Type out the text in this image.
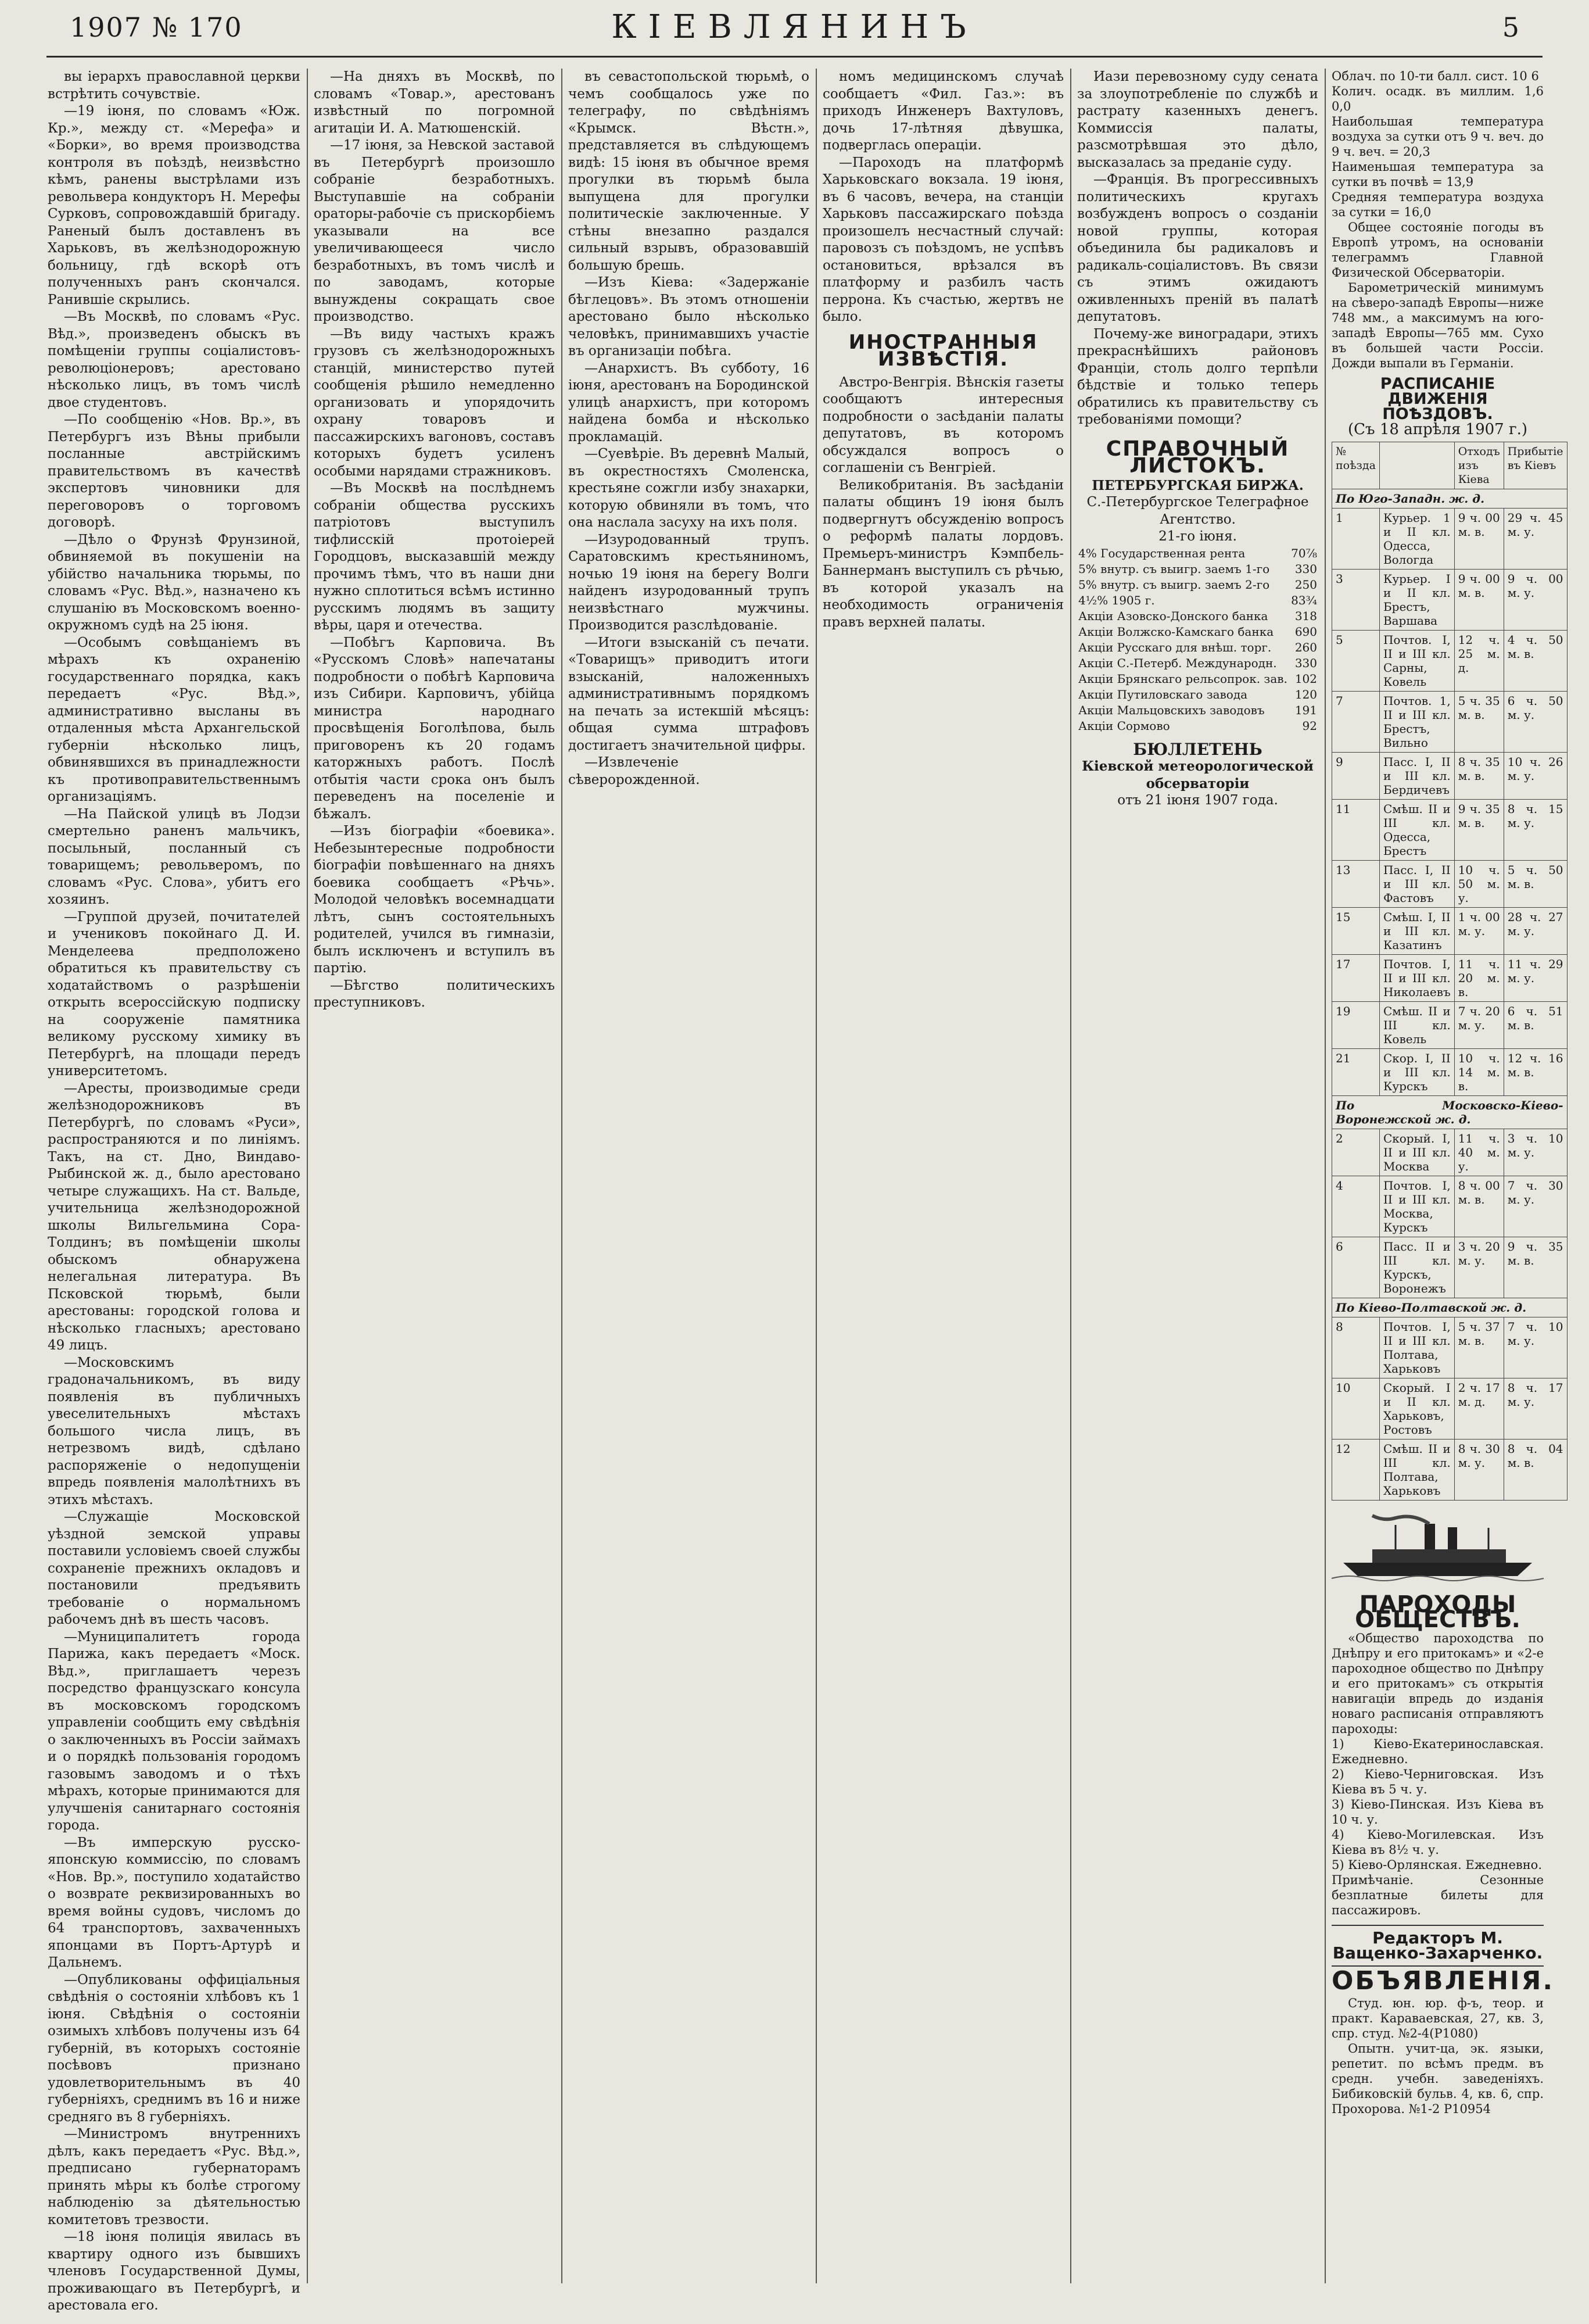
1907 № 170	КІЕВЛЯНИНЪ	5

вы іерархъ православной церкви встрѣтить сочувствіе.

—19 іюня, по словамъ «Юж. Кр.», между ст. «Мерефа» и «Борки», во время производства контроля въ поѣздѣ, неизвѣстно кѣмъ, ранены выстрѣлами изъ револьвера кондукторъ Н. Мерефы Сурковъ, сопровождавшій бригаду. Раненый былъ доставленъ въ Харьковъ, въ желѣзнодорожную больницу, гдѣ вскорѣ отъ полученныхъ ранъ скончался. Ранившіе скрылись.

—Въ Москвѣ, по словамъ «Рус. Вѣд.», произведенъ обыскъ въ помѣщеніи группы соціалистовъ-революціонеровъ; арестовано нѣсколько лицъ, въ томъ числѣ двое студентовъ.

—По сообщенію «Нов. Вр.», въ Петербургъ изъ Вѣны прибыли посланные австрійскимъ правительствомъ въ качествѣ экспертовъ чиновники для переговоровъ о торговомъ договорѣ.

—Дѣло о Фрунзѣ Фрунзиной, обвиняемой въ покушеніи на убійство начальника тюрьмы, по словамъ «Рус. Вѣд.», назначено къ слушанію въ Московскомъ военно-окружномъ судѣ на 25 іюня.

—Особымъ совѣщаніемъ въ мѣрахъ къ охраненію государственнаго порядка, какъ передаетъ «Рус. Вѣд.», административно высланы въ отдаленныя мѣста Архангельской губерніи нѣсколько лицъ, обвинявшихся въ принадлежности къ противоправительственнымъ организаціямъ.

—На Пайской улицѣ въ Лодзи смертельно раненъ мальчикъ, посыльный, посланный съ товарищемъ; револьверомъ, по словамъ «Рус. Слова», убитъ его хозяинъ.

—Группой друзей, почитателей и учениковъ покойнаго Д. И. Менделеева предположено обратиться къ правительству съ ходатайствомъ о разрѣшеніи открыть всероссійскую подписку на сооруженіе памятника великому русскому химику въ Петербургѣ, на площади передъ университетомъ.

—Аресты, производимые среди желѣзнодорожниковъ въ Петербургѣ, по словамъ «Руси», распространяются и по линіямъ. Такъ, на ст. Дно, Виндаво-Рыбинской ж. д., было арестовано четыре служащихъ. На ст. Вальде, учительница желѣзнодорожной школы Вильгельмина Сора-Толдинъ; въ помѣщеніи школы обыскомъ обнаружена нелегальная литература. Въ Псковской тюрьмѣ, были арестованы: городской голова и нѣсколько гласныхъ; арестовано 49 лицъ.

—Московскимъ градоначальникомъ, въ виду появленія въ публичныхъ увеселительныхъ мѣстахъ большого числа лицъ, въ нетрезвомъ видѣ, сдѣлано распоряженіе о недопущеніи впредь появленія малолѣтнихъ въ этихъ мѣстахъ.

—Служащіе Московской уѣздной земской управы поставили условіемъ своей службы сохраненіе прежнихъ окладовъ и постановили предъявить требованіе о нормальномъ рабочемъ днѣ въ шесть часовъ.

—Муниципалитетъ города Парижа, какъ передаетъ «Моск. Вѣд.», приглашаетъ черезъ посредство французскаго консула въ московскомъ городскомъ управленіи сообщить ему свѣдѣнія о заключенныхъ въ Россіи займахъ и о порядкѣ пользованія городомъ газовымъ заводомъ и о тѣхъ мѣрахъ, которые принимаются для улучшенія санитарнаго состоянія города.

—Въ имперскую русско-японскую коммиссію, по словамъ «Нов. Вр.», поступило ходатайство о возврате реквизированныхъ во время войны судовъ, числомъ до 64 транспортовъ, захваченныхъ японцами въ Портъ-Артурѣ и Дальнемъ.

—Опубликованы оффиціальныя свѣдѣнія о состояніи хлѣбовъ къ 1 іюня. Свѣдѣнія о состояніи озимыхъ хлѣбовъ получены изъ 64 губерній, въ которыхъ состояніе посѣвовъ признано удовлетворительнымъ въ 40 губерніяхъ, среднимъ въ 16 и ниже средняго въ 8 губерніяхъ.

—Министромъ внутреннихъ дѣлъ, какъ передаетъ «Рус. Вѣд.», предписано губернаторамъ принять мѣры къ болѣе строгому наблюденію за дѣятельностью комитетовъ трезвости.

—18 іюня полиція явилась въ квартиру одного изъ бывшихъ членовъ Государственной Думы, проживающаго въ Петербургѣ, и арестовала его.

—На дняхъ въ Москвѣ, по словамъ «Товар.», арестованъ извѣстный по погромной агитаціи И. А. Матюшенскій.

—17 іюня, за Невской заставой въ Петербургѣ произошло собраніе безработныхъ. Выступавшіе на собраніи ораторы-рабочіе съ прискорбіемъ указывали на все увеличивающееся число безработныхъ, въ томъ числѣ и по заводамъ, которые вынуждены сокращать свое производство.

—Въ виду частыхъ кражъ грузовъ съ желѣзнодорожныхъ станцій, министерство путей сообщенія рѣшило немедленно организовать и упорядочить охрану товаровъ и пассажирскихъ вагоновъ, составъ которыхъ будетъ усиленъ особыми нарядами стражниковъ.

—Въ Москвѣ на послѣднемъ собраніи общества русскихъ патріотовъ выступилъ тифлисскій протоіерей Городцовъ, высказавшій между прочимъ тѣмъ, что въ наши дни нужно сплотиться всѣмъ истинно русскимъ людямъ въ защиту вѣры, царя и отечества.

—Побѣгъ Карповича. Въ «Русскомъ Словѣ» напечатаны подробности о побѣгѣ Карповича изъ Сибири. Карповичъ, убійца министра народнаго просвѣщенія Боголѣпова, быль приговоренъ къ 20 годамъ каторжныхъ работъ. Послѣ отбытія части срока онъ былъ переведенъ на поселеніе и бѣжалъ.

—Изъ біографіи «боевика». Небезынтересные подробности біографіи повѣшеннаго на дняхъ боевика сообщаетъ «Рѣчь». Молодой человѣкъ восемнадцати лѣтъ, сынъ состоятельныхъ родителей, учился въ гимназіи, былъ исключенъ и вступилъ въ партію.

—Бѣгство политическихъ преступниковъ.

въ севастопольской тюрьмѣ, о чемъ сообщалось уже по телеграфу, по свѣдѣніямъ «Крымск. Вѣстн.», представляется въ слѣдующемъ видѣ: 15 іюня въ обычное время прогулки въ тюрьмѣ была выпущена для прогулки политическіе заключенные. У стѣны внезапно раздался сильный взрывъ, образовавшій большую брешь.

—Изъ Кіева: «Задержаніе бѣглецовъ». Въ этомъ отношеніи арестовано было нѣсколько человѣкъ, принимавшихъ участіе въ организаціи побѣга.

—Анархистъ. Въ субботу, 16 іюня, арестованъ на Бородинской улицѣ анархистъ, при которомъ найдена бомба и нѣсколько прокламацій.

—Суевѣріе. Въ деревнѣ Малый, въ окрестностяхъ Смоленска, крестьяне сожгли избу знахарки, которую обвиняли въ томъ, что она наслала засуху на ихъ поля.

—Изуродованный трупъ. Саратовскимъ крестьяниномъ, ночью 19 іюня на берегу Волги найденъ изуродованный трупъ неизвѣстнаго мужчины. Производится разслѣдованіе.

—Итоги взысканій съ печати. «Товарищъ» приводитъ итоги взысканій, наложенныхъ административнымъ порядкомъ на печать за истекшій мѣсяцъ: общая сумма штрафовъ достигаетъ значительной цифры.

—Извлеченіе сѣверорожденной.

номъ медицинскомъ случаѣ сообщаетъ «Фил. Газ.»: въ приходъ Инженеръ Вахтуловъ, дочь 17-лѣтняя дѣвушка, подверглась операціи.

—Пароходъ на платформѣ Харьковскаго вокзала. 19 іюня, въ 6 часовъ, вечера, на станціи Харьковъ пассажирскаго поѣзда произошелъ несчастный случай: паровозъ съ поѣздомъ, не успѣвъ остановиться, врѣзался въ платформу и разбилъ часть перрона. Къ счастью, жертвъ не было.

ИНОСТРАННЫЯ ИЗВѢСТІЯ.

Австро-Венгрія. Вѣнскія газеты сообщаютъ интересныя подробности о засѣданіи палаты депутатовъ, въ которомъ обсуждался вопросъ о соглашеніи съ Венгріей.

Великобританія. Въ засѣданіи палаты общинъ 19 іюня былъ подвергнутъ обсужденію вопросъ о реформѣ палаты лордовъ. Премьеръ-министръ Кэмпбель-Баннерманъ выступилъ съ рѣчью, въ которой указалъ на необходимость ограниченія правъ верхней палаты.

Иази перевозному суду сената за злоупотребленіе по службѣ и растрату казенныхъ денегъ. Коммиссія палаты, разсмотрѣвшая это дѣло, высказалась за преданіе суду.

—Франція. Въ прогрессивныхъ политическихъ кругахъ возбужденъ вопросъ о созданіи новой группы, которая объединила бы радикаловъ и радикаль-соціалистовъ. Въ связи съ этимъ ожидаютъ оживленныхъ преній въ палатѣ депутатовъ.

Почему-же виноградари, этихъ прекраснѣйшихъ районовъ Франціи, столь долго терпѣли бѣдствіе и только теперь обратились къ правительству съ требованіями помощи?

СПРАВОЧНЫЙ ЛИСТОКЪ.
ПЕТЕРБУРГСКАЯ БИРЖА.
С.-Петербургское Телеграфное Агентство.
21-го іюня.
4% Государственная рента	70⅞
5% внутр. съ выигр. заемъ 1-го	330
5% внутр. съ выигр. заемъ 2-го	250
4½% 1905 г.	83¾
Акціи Азовско-Донского банка	318
Акціи Волжско-Камскаго банка	690
Акціи Русскаго для внѣш. торг.	260
Акціи С.-Петерб. Международн.	330
Акціи Брянскаго рельсопрок. зав.	102
Акціи Путиловскаго завода	120
Акціи Мальцовскихъ заводовъ	191
Акціи Сормово	92
БЮЛЛЕТЕНЬ
Кіевской метеорологической обсерваторіи
отъ 21 іюня 1907 года.
Облач. по 10-ти балл. сист. 10 6
Колич. осадк. въ миллим. 1,6 0,0
Наибольшая температура воздуха за сутки отъ 9 ч. веч. до 9 ч. веч. = 20,3
Наименьшая температура за сутки въ почвѣ = 13,9
Средняя температура воздуха за сутки = 16,0

Общее состояніе погоды въ Европѣ утромъ, на основаніи телеграммъ Главной Физической Обсерваторіи.

Барометрическій минимумъ на сѣверо-западѣ Европы—ниже 748 мм., а максимумъ на юго-западѣ Европы—765 мм. Сухо въ большей части Россіи. Дожди выпали въ Германіи.

РАСПИСАНІЕ ДВИЖЕНІЯ ПОѢЗДОВЪ.
(Съ 18 апрѣля 1907 г.)
№ поѣзда		Отходъ изъ Кіева	Прибытіе въ Кіевъ
По Юго-Западн. ж. д.			
1	Курьер. 1 и II кл. Одесса, Вологда	9 ч. 00 м. в.	29 ч. 45 м. у.
3	Курьер. I и II кл. Брестъ, Варшава	9 ч. 00 м. в.	9 ч. 00 м. у.
5	Почтов. I, II и III кл. Сарны, Ковель	12 ч. 25 м. д.	4 ч. 50 м. в.
7	Почтов. 1, II и III кл. Брестъ, Вильно	5 ч. 35 м. в.	6 ч. 50 м. у.
9	Пасс. I, II и III кл. Бердичевъ	8 ч. 35 м. в.	10 ч. 26 м. у.
11	Смѣш. II и III кл. Одесса, Брестъ	9 ч. 35 м. в.	8 ч. 15 м. у.
13	Пасс. I, II и III кл. Фастовъ	10 ч. 50 м. у.	5 ч. 50 м. в.
15	Смѣш. I, II и III кл. Казатинъ	1 ч. 00 м. у.	28 ч. 27 м. у.
17	Почтов. I, II и III кл. Николаевъ	11 ч. 20 м. в.	11 ч. 29 м. у.
19	Смѣш. II и III кл. Ковель	7 ч. 20 м. у.	6 ч. 51 м. в.
21	Скор. I, II и III кл. Курскъ	10 ч. 14 м. в.	12 ч. 16 м. в.
По Московско-Кіево-Воронежской ж. д.			
2	Скорый. I, II и III кл. Москва	11 ч. 40 м. у.	3 ч. 10 м. у.
4	Почтов. I, II и III кл. Москва, Курскъ	8 ч. 00 м. в.	7 ч. 30 м. у.
6	Пасс. II и III кл. Курскъ, Воронежъ	3 ч. 20 м. у.	9 ч. 35 м. в.
По Кіево-Полтавской ж. д.			
8	Почтов. I, II и III кл. Полтава, Харьковъ	5 ч. 37 м. в.	7 ч. 10 м. у.
10	Скорый. I и II кл. Харьковъ, Ростовъ	2 ч. 17 м. д.	8 ч. 17 м. у.
12	Смѣш. II и III кл. Полтава, Харьковъ	8 ч. 30 м. у.	8 ч. 04 м. в.
ПАРОХОДЫ ОБЩЕСТВЪ.

«Общество пароходства по Днѣпру и его притокамъ» и «2-е пароходное общество по Днѣпру и его притокамъ» съ открытія навигаціи впредь до изданія новаго расписанія отправляютъ пароходы:

1) Кіево-Екатеринославская. Ежедневно.
2) Кіево-Черниговская. Изъ Кіева въ 5 ч. у.
3) Кіево-Пинская. Изъ Кіева въ 10 ч. у.
4) Кіево-Могилевская. Изъ Кіева въ 8½ ч. у.
5) Кіево-Орлянская. Ежедневно.
Примѣчаніе. Сезонные безплатные билеты для пассажировъ.
Редакторъ М. Ващенко-Захарченко.
ОБЪЯВЛЕНІЯ.

Студ. юн. юр. ф-ъ, теор. и практ. Караваевская, 27, кв. 3, спр. студ. №2-4(Р1080)

Опытн. учит-ца, эк. языки, репетит. по всѣмъ предм. въ средн. учебн. заведеніяхъ. Бибиковскій бульв. 4, кв. 6, спр. Прохорова. №1-2 Р10954
